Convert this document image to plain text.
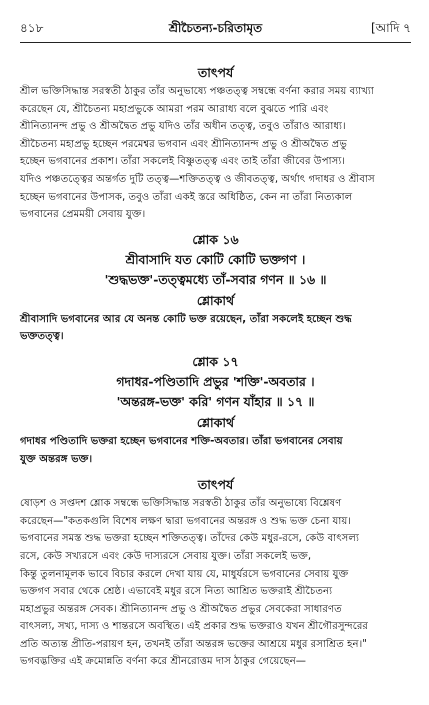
৪১৮	শ্রীচৈতন্য-চরিতামৃত	[আদি ৭
তাৎপর্য
শ্রীল ভক্তিসিদ্ধান্ত সরস্বতী ঠাকুর তাঁর অনুভাষ্যে পঞ্চতত্ত্ব সম্বন্ধে বর্ণনা করার সময় ব্যাখ্যা
করেছেন যে, শ্রীচৈতন্য মহাপ্রভুকে আমরা পরম আরাধ্য বলে বুঝতে পারি এবং
শ্রীনিত্যানন্দ প্রভু ও শ্রীঅদ্বৈত প্রভু যদিও তাঁর অধীন তত্ত্ব, তবুও তাঁরাও আরাধ্য।
শ্রীচৈতন্য মহাপ্রভু হচ্ছেন পরমেশ্বর ভগবান এবং শ্রীনিত্যানন্দ প্রভু ও শ্রীঅদ্বৈত প্রভু
হচ্ছেন ভগবানের প্রকাশ। তাঁরা সকলেই বিষ্ণুতত্ত্ব এবং তাই তাঁরা জীবের উপাস্য।
যদিও পঞ্চতত্ত্বের অন্তর্গত দুটি তত্ত্ব—শক্তিতত্ত্ব ও জীবতত্ত্ব, অর্থাৎ গদাধর ও শ্রীবাস
হচ্ছেন ভগবানের উপাসক, তবুও তাঁরা একই স্তরে অধিষ্ঠিত, কেন না তাঁরা নিত্যকাল
ভগবানের প্রেমময়ী সেবায় যুক্ত।
শ্লোক ১৬
শ্রীবাসাদি যত কোটি কোটি ভক্তগণ ।
'শুদ্ধভক্ত'-তত্ত্বমধ্যে তাঁ-সবার গণন ॥ ১৬ ॥
শ্লোকার্থ
শ্রীবাসাদি ভগবানের আর যে অনন্ত কোটি ভক্ত রয়েছেন, তাঁরা সকলেই হচ্ছেন শুদ্ধ
ভক্ততত্ত্ব।
শ্লোক ১৭
গদাধর-পণ্ডিতাদি প্রভুর 'শক্তি'-অবতার ।
'অন্তরঙ্গ-ভক্ত' করি' গণন যাঁহার ॥ ১৭ ॥
শ্লোকার্থ
গদাধর পণ্ডিতাদি ভক্তরা হচ্ছেন ভগবানের শক্তি-অবতার। তাঁরা ভগবানের সেবায়
যুক্ত অন্তরঙ্গ ভক্ত।
তাৎপর্য
ষোড়শ ও সপ্তদশ শ্লোক সম্বন্ধে ভক্তিসিদ্ধান্ত সরস্বতী ঠাকুর তাঁর অনুভাষ্যে বিশ্লেষণ
করেছেন—"কতকগুলি বিশেষ লক্ষণ দ্বারা ভগবানের অন্তরঙ্গ ও শুদ্ধ ভক্ত চেনা যায়।
ভগবানের সমস্ত শুদ্ধ ভক্তরা হচ্ছেন শক্তিতত্ত্ব। তাঁদের কেউ মধুর-রসে, কেউ বাৎসল্য
রসে, কেউ সখ্যরসে এবং কেউ দাস্যরসে সেবায় যুক্ত। তাঁরা সকলেই ভক্ত,
কিন্তু তুলনামূলক ভাবে বিচার করলে দেখা যায় যে, মাধুর্যরসে ভগবানের সেবায় যুক্ত
ভক্তগণ সবার থেকে শ্রেষ্ঠ। এভাবেই মধুর রসে নিত্য আশ্রিত ভক্তরাই শ্রীচৈতন্য
মহাপ্রভুর অন্তরঙ্গ সেবক। শ্রীনিত্যানন্দ প্রভু ও শ্রীঅদ্বৈত প্রভুর সেবকেরা সাধারণত
বাৎসল্য, সখ্য, দাস্য ও শান্তরসে অবস্থিত। এই প্রকার শুদ্ধ ভক্তরাও যখন শ্রীগৌরসুন্দরের
প্রতি অত্যন্ত প্রীতি-পরায়ণ হন, তখনই তাঁরা অন্তরঙ্গ ভক্তের আশ্রয়ে মধুর রসাশ্রিত হন।"
ভগবদ্ভক্তির এই ক্রমোন্নতি বর্ণনা করে শ্রীনরোত্তম দাস ঠাকুর গেয়েছেন—
